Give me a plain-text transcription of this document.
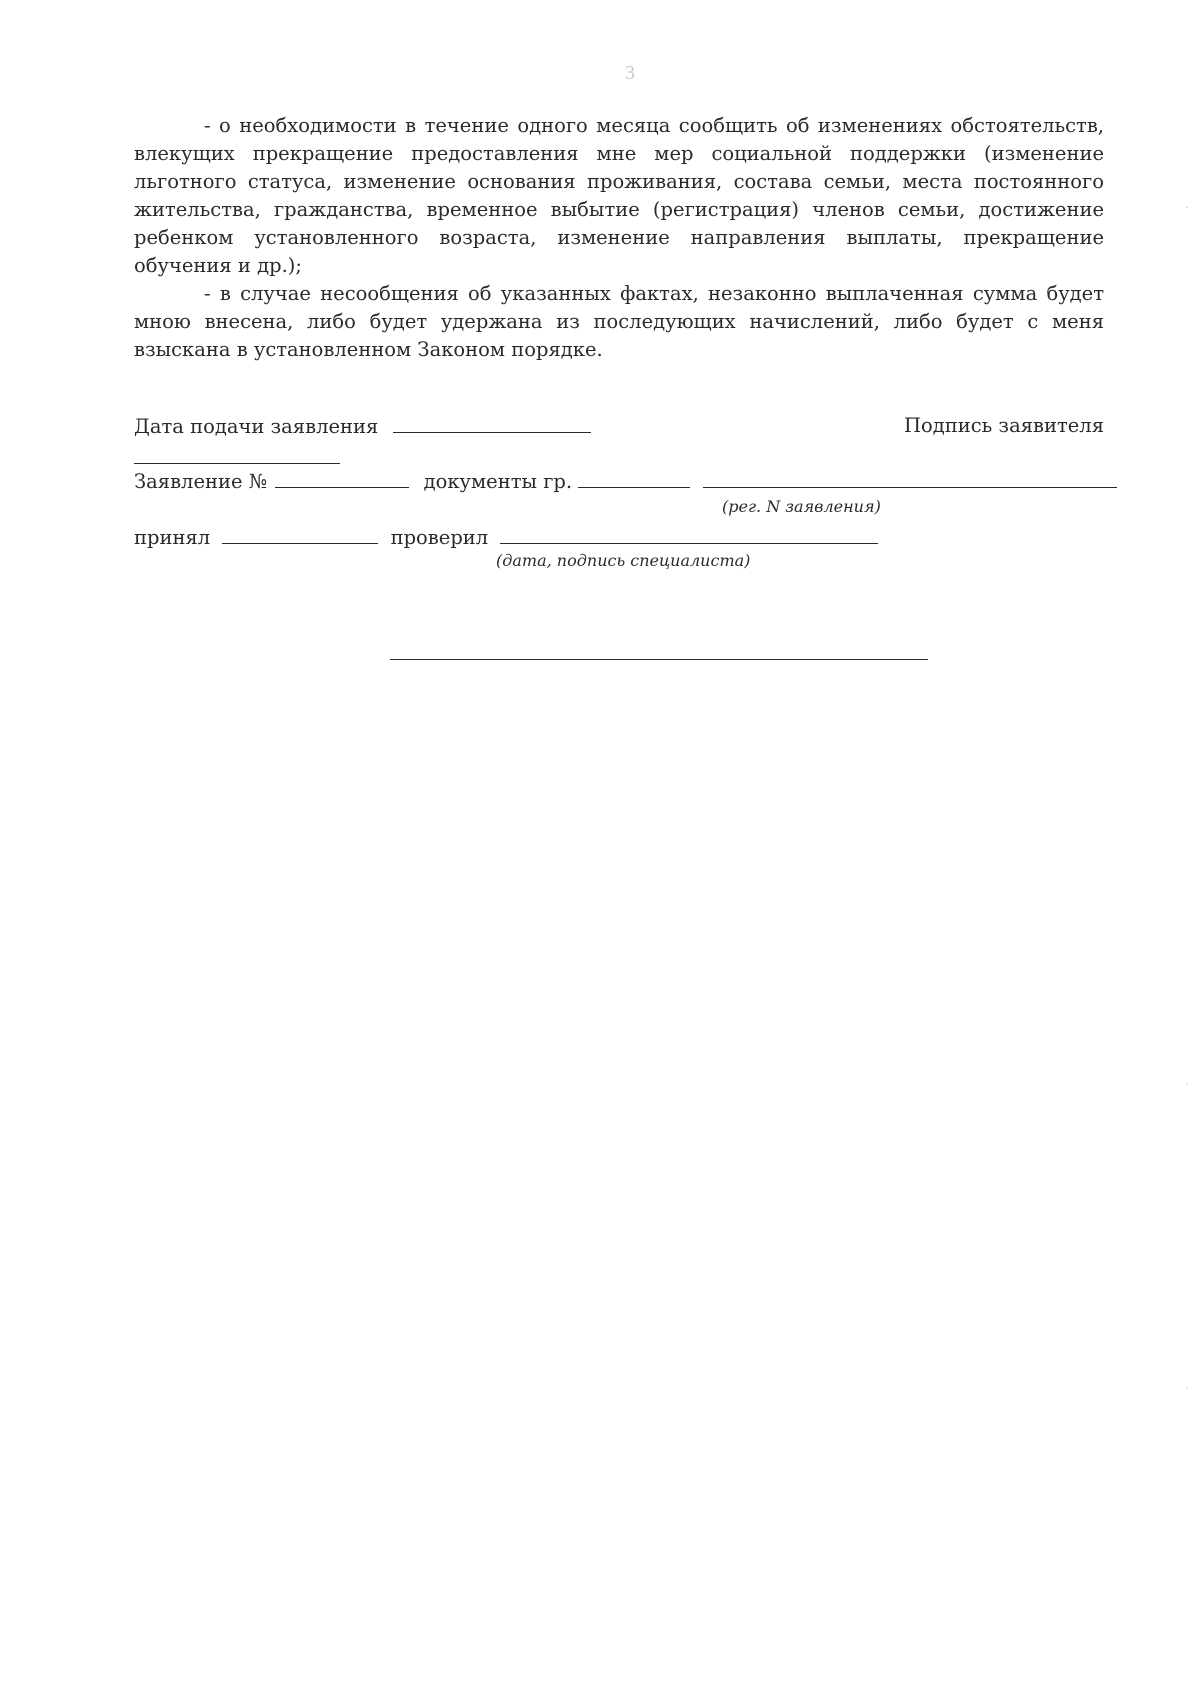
3

- о необходимости в течение одного месяца сообщить об изменениях обстоятельств, влекущих прекращение предоставления мне мер социальной поддержки (изменение льготного статуса, изменение основания проживания, состава семьи, места постоянного жительства, гражданства, временное выбытие (регистрация) членов семьи, достижение ребенком установленного возраста, изменение направления выплаты, прекращение обучения и др.);

- в случае несообщения об указанных фактах, незаконно выплаченная сумма будет мною внесена, либо будет удержана из последующих начислений, либо будет с меня взыскана в установленном Законом порядке.

Дата подачи заявления	Подпись заявителя
Заявление №	документы гр.
(рег. N заявления)
принял	проверил
(дата, подпись специалиста)
